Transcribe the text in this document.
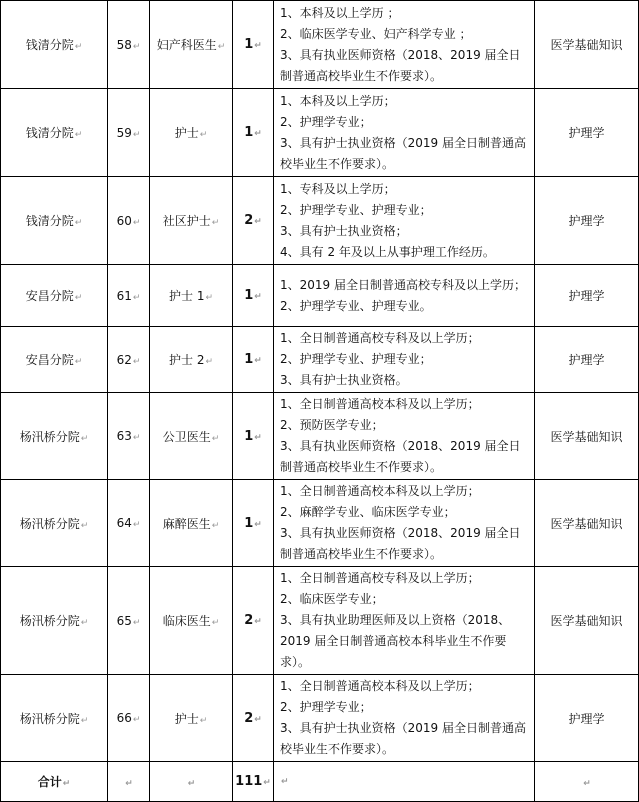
钱清分院↵	58↵	妇产科医生↵	1↵	1、本科及以上学历 ；
2、临床医学专业、妇产科学专业 ；
3、具有执业医师资格（2018、2019 届全日制普通高校毕业生不作要求）。	医学基础知识
钱清分院↵	59↵	护士↵	1↵	1、本科及以上学历；
2、护理学专业；
3、具有护士执业资格（2019 届全日制普通高校毕业生不作要求）。	护理学
钱清分院↵	60↵	社区护士↵	2↵	1、专科及以上学历；
2、护理学专业、护理专业；
3、具有护士执业资格；
4、具有 2 年及以上从事护理工作经历。	护理学
安昌分院↵	61↵	护士 1↵	1↵	1、2019 届全日制普通高校专科及以上学历；
2、护理学专业、护理专业。	护理学
安昌分院↵	62↵	护士 2↵	1↵	1、全日制普通高校专科及以上学历；
2、护理学专业、护理专业；
3、具有护士执业资格。	护理学
杨汛桥分院↵	63↵	公卫医生↵	1↵	1、全日制普通高校本科及以上学历；
2、预防医学专业；
3、具有执业医师资格（2018、2019 届全日制普通高校毕业生不作要求）。	医学基础知识
杨汛桥分院↵	64↵	麻醉医生↵	1↵	1、全日制普通高校本科及以上学历；
2、麻醉学专业、临床医学专业；
3、具有执业医师资格（2018、2019 届全日制普通高校毕业生不作要求）。	医学基础知识
杨汛桥分院↵	65↵	临床医生↵	2↵	1、全日制普通高校专科及以上学历；
2、临床医学专业；
3、具有执业助理医师及以上资格（2018、2019 届全日制普通高校本科毕业生不作要求）。	医学基础知识
杨汛桥分院↵	66↵	护士↵	2↵	1、全日制普通高校本科及以上学历；
2、护理学专业；
3、具有护士执业资格（2019 届全日制普通高校毕业生不作要求）。	护理学
合计↵	↵	↵	111↵	↵	↵
